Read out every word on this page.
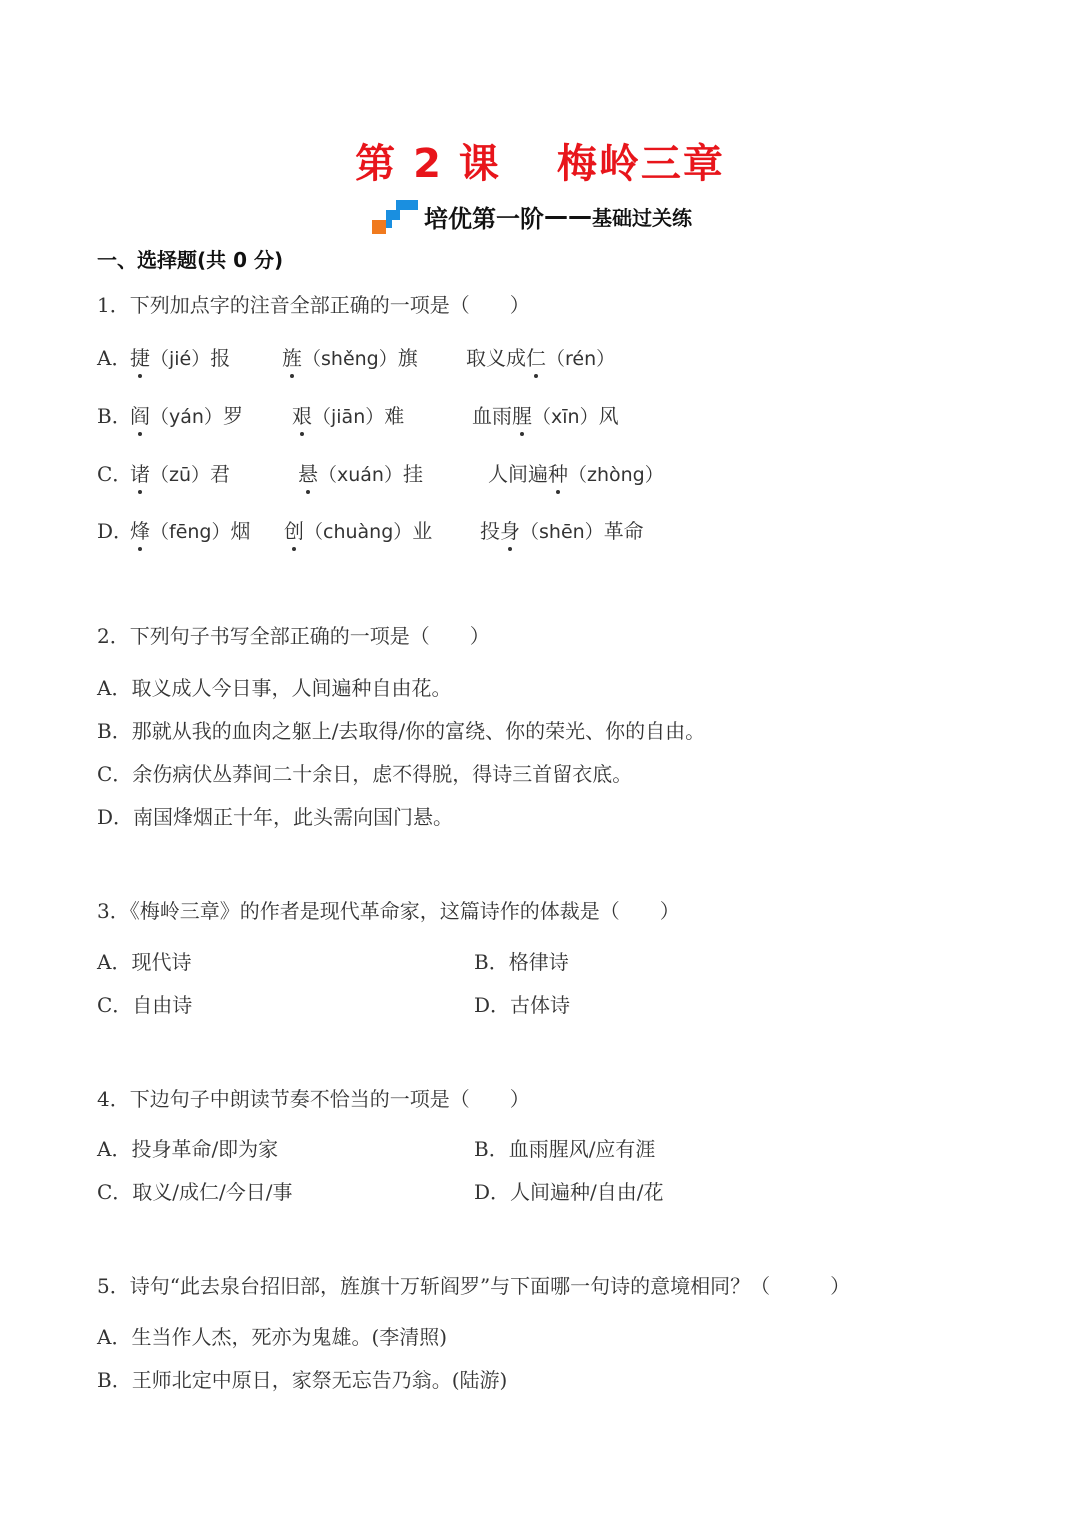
第 2 课 梅岭三章
培优第一阶 —— 基础过关练
一、选择题(共 0 分)
1．下列加点字的注音全部正确的一项是（　　）
A．
捷（jié）报	旌（shěng）旗 取义成仁（rén）
B．
阎（yán）罗 艰（jiān）难	血雨腥（xīn）风
C．
诸（zū）君	悬（xuán）挂	人间遍种（zhòng）
D．
烽（fēng）烟 创（chuàng）业 投身（shēn）革命
2．下列句子书写全部正确的一项是（　　）
A．取义成人今日事，人间遍种自由花。
B．那就从我的血肉之躯上/去取得/你的富绕、你的荣光、你的自由。
C．余伤病伏丛莽间二十余日，虑不得脱，得诗三首留衣底。
D．南国烽烟正十年，此头需向国门悬。
3．《梅岭三章》的作者是现代革命家，这篇诗作的体裁是（　　）
A．现代诗	B．格律诗
C．自由诗	D．古体诗
4．下边句子中朗读节奏不恰当的一项是（　　）
A．投身革命/即为家	B．血雨腥风/应有涯
C．取义/成仁/今日/事	D．人间遍种/自由/花
5．诗句“此去泉台招旧部，旌旗十万斩阎罗”与下面哪一句诗的意境相同？（　　　）
A．生当作人杰，死亦为鬼雄。(李清照)
B．王师北定中原日，家祭无忘告乃翁。(陆游)
